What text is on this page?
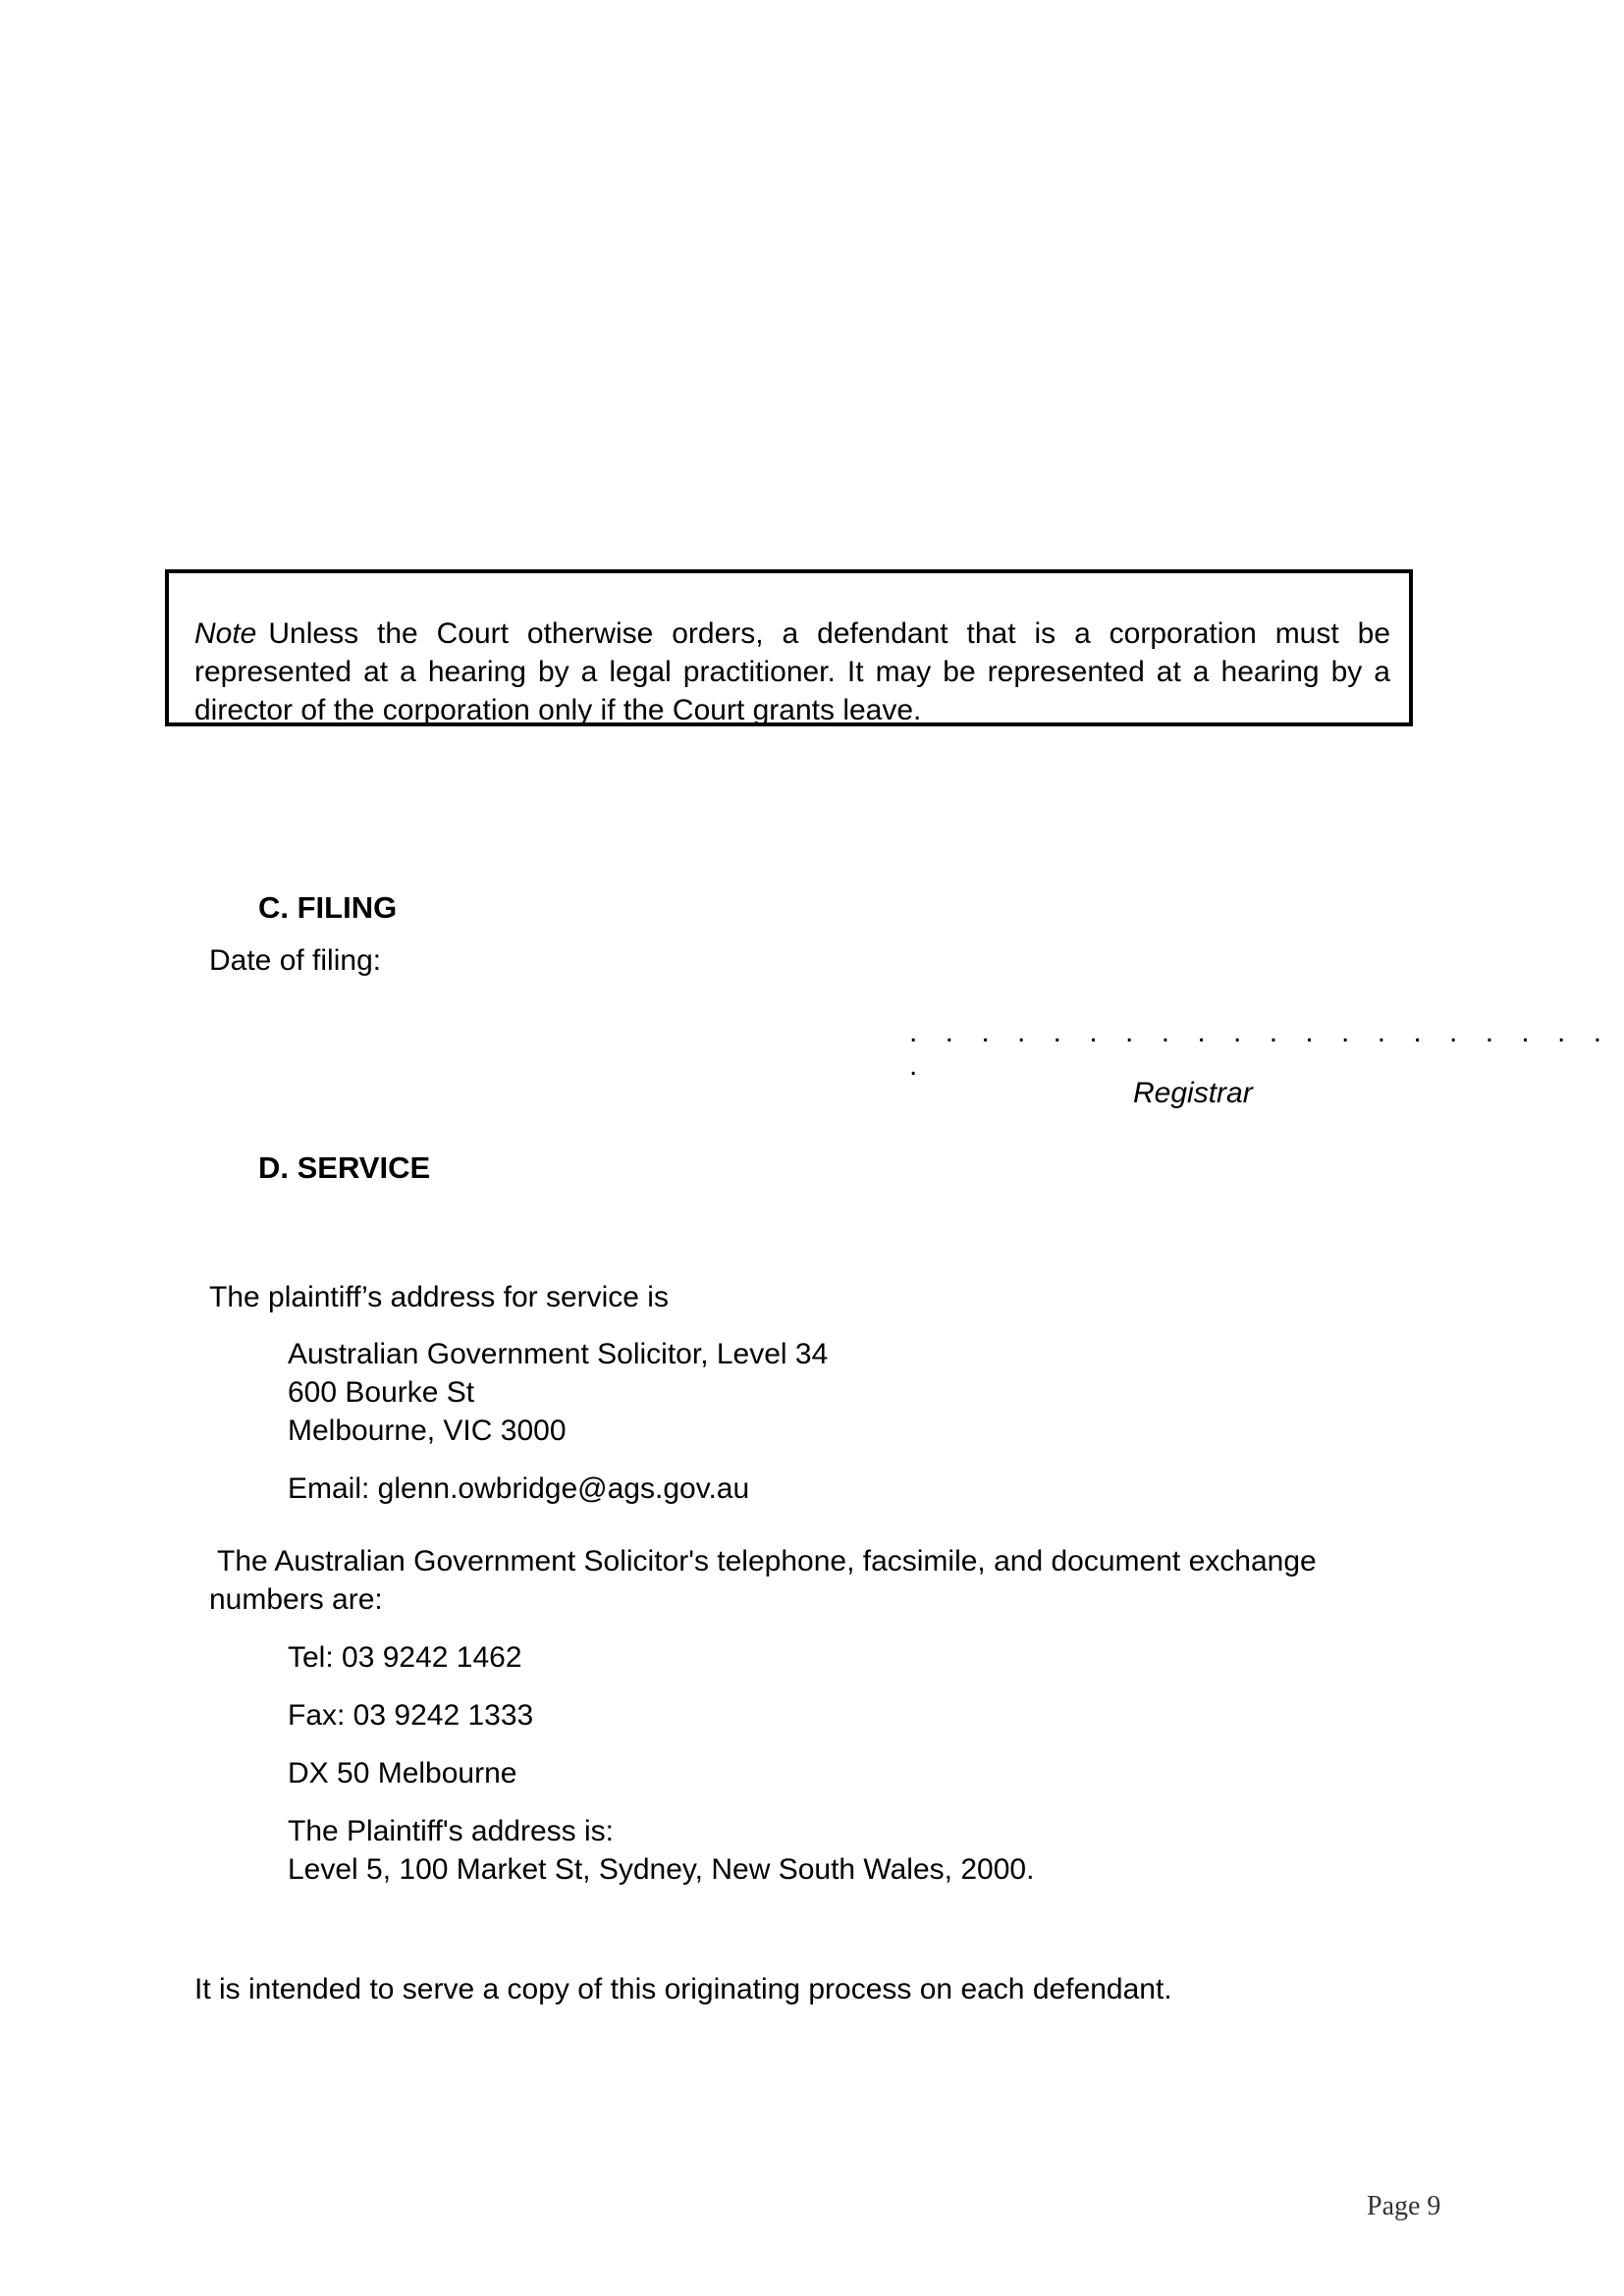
Note Unless the Court otherwise orders, a defendant that is a corporation must be represented at a hearing by a legal practitioner. It may be represented at a hearing by a director of the corporation only if the Court grants leave.
C. FILING
Date of filing:
. . . . . . . . . . . . . . . . . . . . .
Registrar
D. SERVICE
The plaintiff’s address for service is
Australian Government Solicitor, Level 34
600 Bourke St
Melbourne, VIC 3000
Email: glenn.owbridge@ags.gov.au
The Australian Government Solicitor's telephone, facsimile, and document exchange
numbers are:
Tel: 03 9242 1462
Fax: 03 9242 1333
DX 50 Melbourne
The Plaintiff's address is:
Level 5, 100 Market St, Sydney, New South Wales, 2000.
It is intended to serve a copy of this originating process on each defendant.
Page 9
